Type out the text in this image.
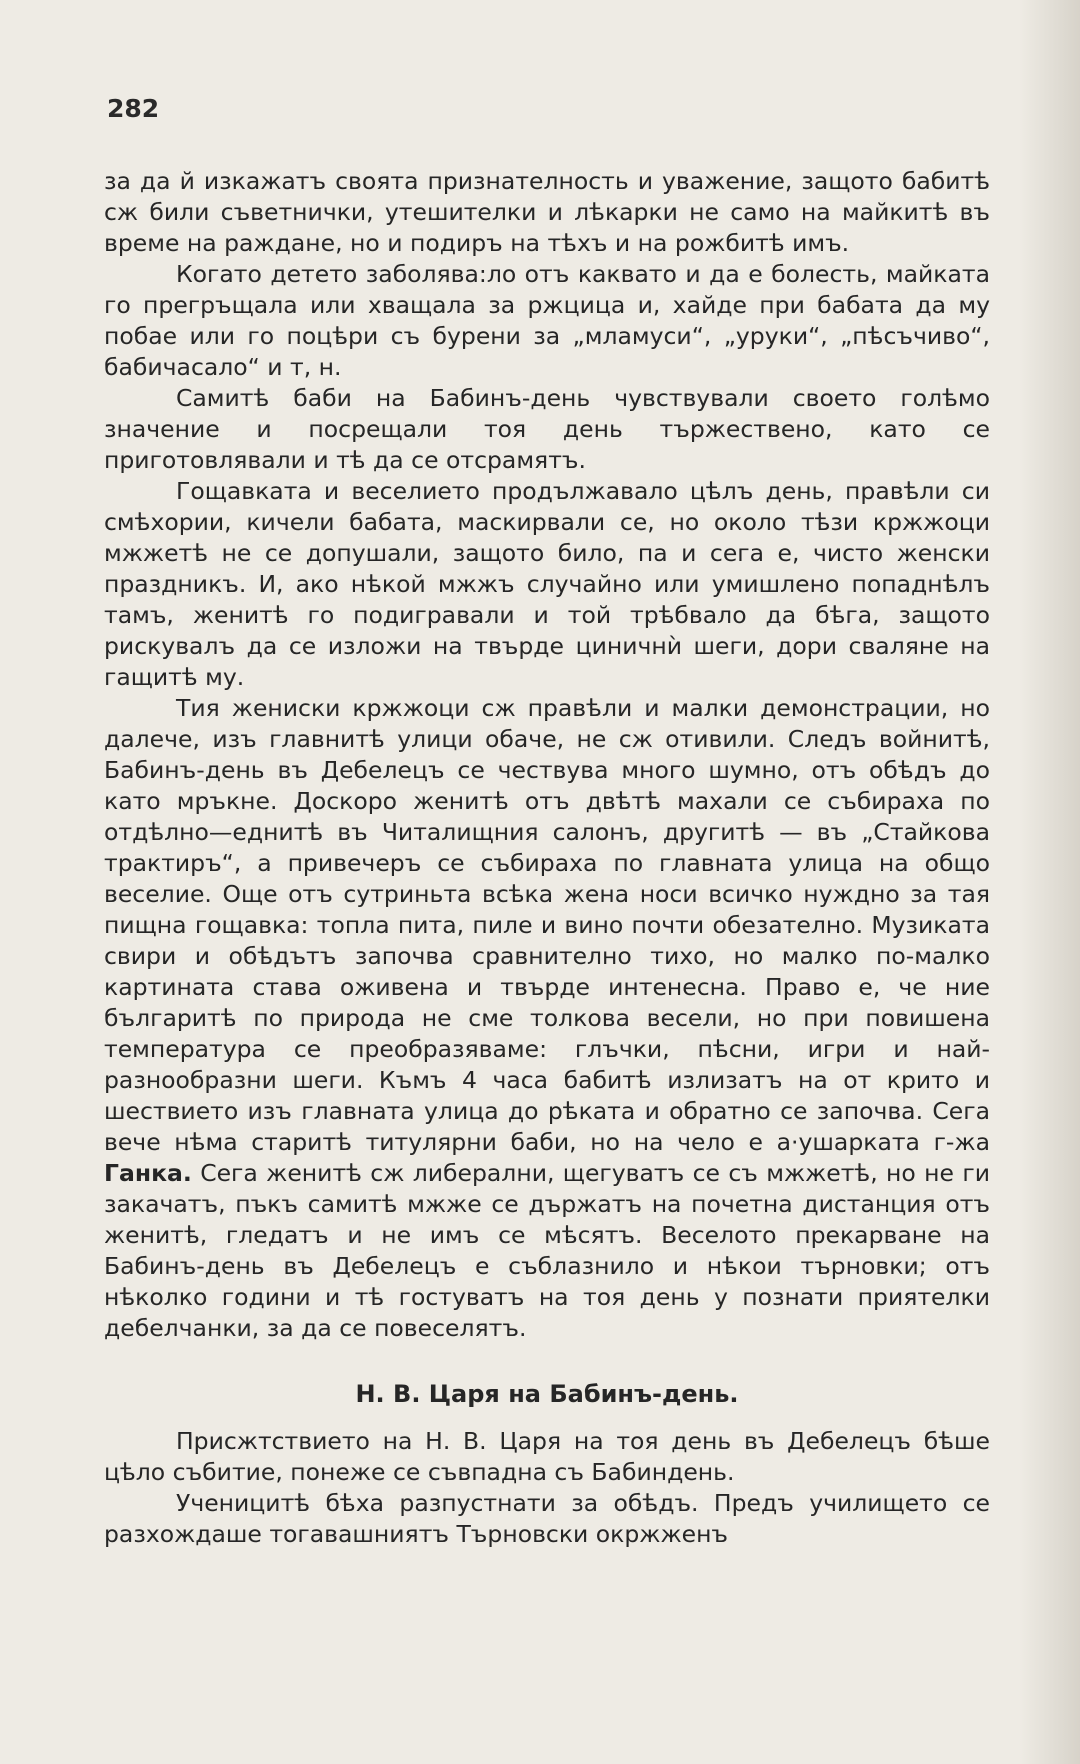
282

за да й изкажатъ своята признателность и уважение, защото бабитѣ сж били съветнички, утешителки и лѣкарки не само на майкитѣ въ време на раждане, но и подиръ на тѣхъ и на рожбитѣ имъ.

Когато детето заболява:ло отъ каквато и да е болесть, майката го прегръщала или хващала за ржцица и, хайде при бабата да му побае или го поцѣри съ бурени за „мламуси“, „уруки“, „пѣсъчиво“, бабичасало“ и т, н.

Самитѣ баби на Бабинъ-день чувствували своето голѣмо значение и посрещали тоя день тържествено, като се приготовлявали и тѣ да се отсрамятъ.

Гощавката и веселието продължавало цѣлъ день, правѣли си смѣхории, кичели бабата, маскирвали се, но около тѣзи кржжоци мжжетѣ не се допушали, защото било, па и сега е, чисто женски праздникъ. И, ако нѣкой мжжъ случайно или умишлено попаднѣлъ тамъ, женитѣ го подигравали и той трѣбвало да бѣга, защото рискувалъ да се изложи на твърде циничнѝ шеги, дори сваляне на гащитѣ му.

Тия жениски кржжоци сж правѣли и малки демонстрации, но далече, изъ главнитѣ улици обаче, не сж отивили. Следъ войнитѣ, Бабинъ-день въ Дебелецъ се чествува много шумно, отъ обѣдъ до като мръкне. Доскоро женитѣ отъ двѣтѣ махали се събираха по отдѣлно—еднитѣ въ Читалищния салонъ, другитѣ — въ „Стайкова трактиръ“, а привечеръ се събираха по главната улица на общо веселие. Още отъ сутриньта всѣка жена носи всичко нуждно за тая пищна гощавка: топла пита, пиле и вино почти обезателно. Музиката свири и обѣдътъ започва сравнително тихо, но малко по-малко картината става оживена и твърде интенесна. Право е, че ние българитѣ по природа не сме толкова весели, но при повишена температура се преобразяваме: глъчки, пѣсни, игри и най-разноoбразни шеги. Къмъ 4 часа бабитѣ излизатъ на от крито и шествието изъ главната улица до рѣката и обратно се започва. Сега вече нѣма старитѣ титулярни баби, но на чело е а·ушарката г-жа Ганка. Сега женитѣ сж либерални, щегуватъ се съ мжжетѣ, но не ги закачатъ, пъкъ самитѣ мжже се държатъ на почетна дистанция отъ женитѣ, гледатъ и не имъ се мѣсятъ. Веселото прекарване на Бабинъ-день въ Дебелецъ е съблазнило и нѣкои търновки; отъ нѣколко години и тѣ гостуватъ на тоя день у познати приятелки дебелчанки, за да се повеселятъ.

Н. В. Царя на Бабинъ-день.

Присжтствието на Н. В. Царя на тоя день въ Дебелецъ бѣше цѣло събитие, понеже се съвпадна съ Бабиндень.

Ученицитѣ бѣха разпустнати за обѣдъ. Предъ училището се разхождаше тогавашниятъ Търновски окржженъ
